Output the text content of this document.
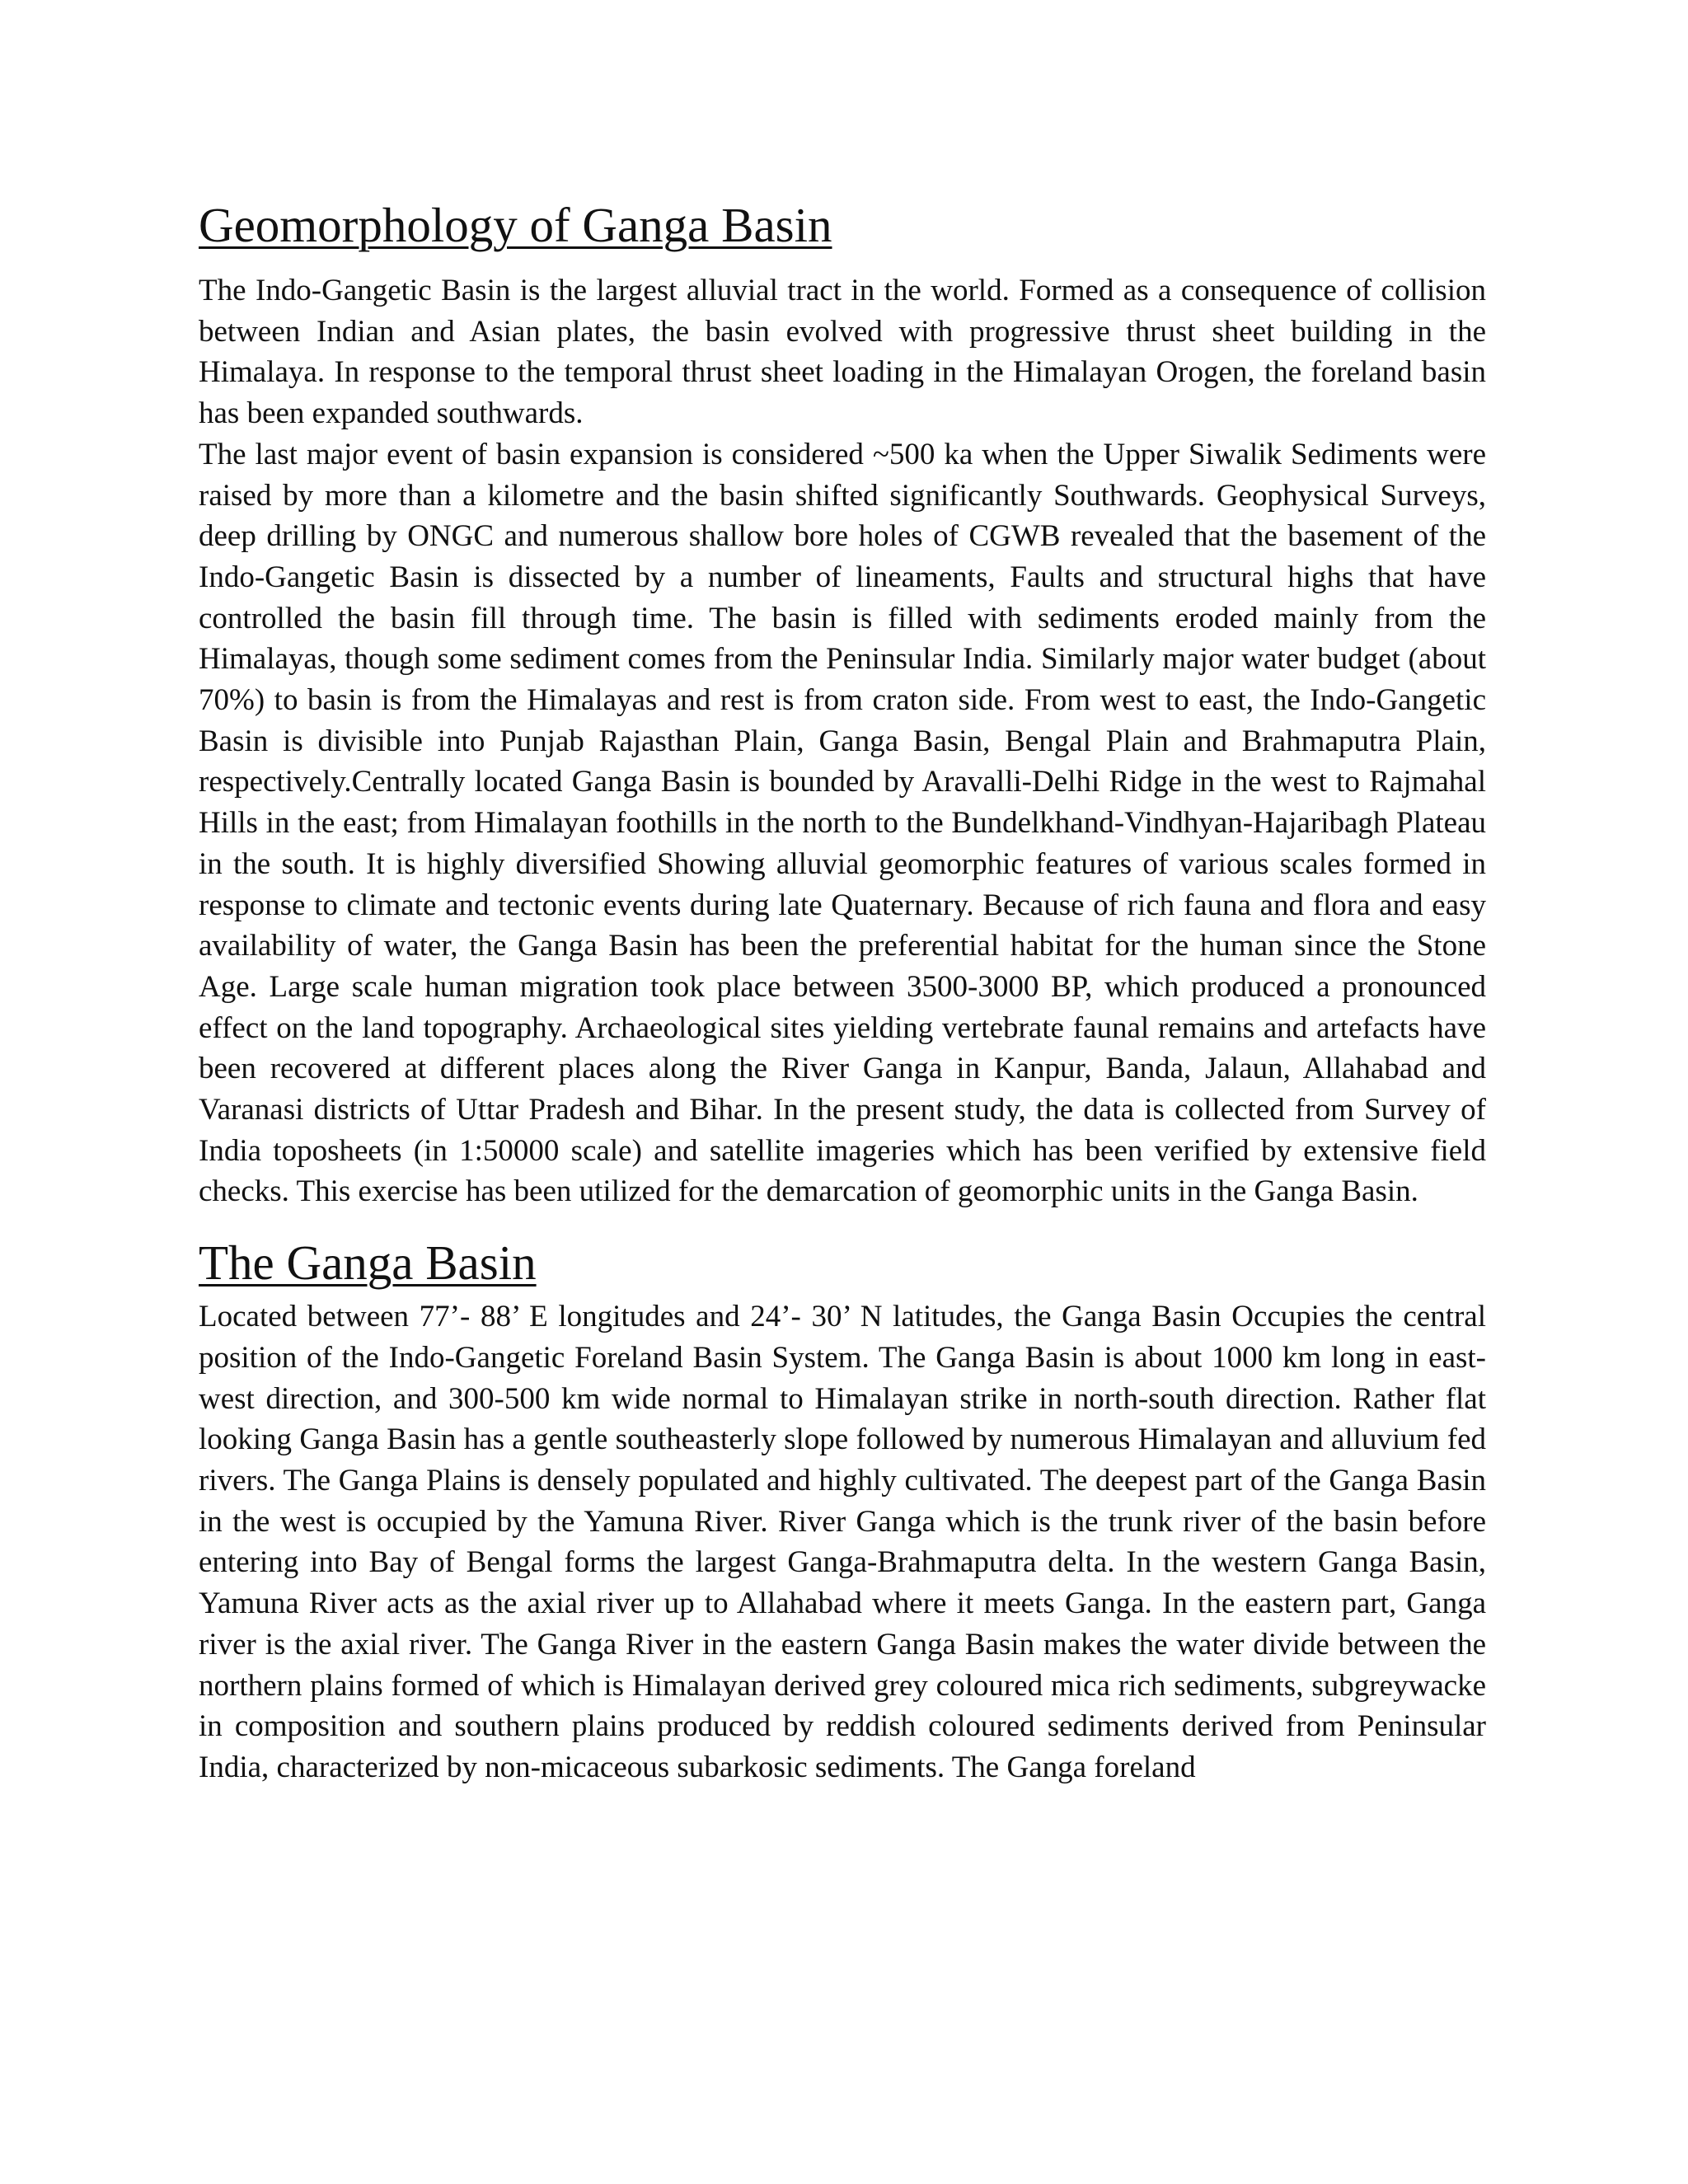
Geomorphology of Ganga Basin

The Indo-Gangetic Basin is the largest alluvial tract in the world. Formed as a consequence of collision between Indian and Asian plates, the basin evolved with progressive thrust sheet building in the Himalaya. In response to the temporal thrust sheet loading in the Himalayan Orogen, the foreland basin has been expanded southwards.

The last major event of basin expansion is considered ~500 ka when the Upper Siwalik Sediments were raised by more than a kilometre and the basin shifted significantly Southwards. Geophysical Surveys, deep drilling by ONGC and numerous shallow bore holes of CGWB revealed that the basement of the Indo-Gangetic Basin is dissected by a number of lineaments, Faults and structural highs that have controlled the basin fill through time. The basin is filled with sediments eroded mainly from the Himalayas, though some sediment comes from the Peninsular India. Similarly major water budget (about 70%) to basin is from the Himalayas and rest is from craton side. From west to east, the Indo-Gangetic Basin is divisible into Punjab Rajasthan Plain, Ganga Basin, Bengal Plain and Brahmaputra Plain, respectively.Centrally located Ganga Basin is bounded by Aravalli-Delhi Ridge in the west to Rajmahal Hills in the east; from Himalayan foothills in the north to the Bundelkhand-Vindhyan-Hajaribagh Plateau in the south. It is highly diversified Showing alluvial geomorphic features of various scales formed in response to climate and tectonic events during late Quaternary. Because of rich fauna and flora and easy availability of water, the Ganga Basin has been the preferential habitat for the human since the Stone Age. Large scale human migration took place between 3500-3000 BP, which produced a pronounced effect on the land topography. Archaeological sites yielding vertebrate faunal remains and artefacts have been recovered at different places along the River Ganga in Kanpur, Banda, Jalaun, Allahabad and Varanasi districts of Uttar Pradesh and Bihar. In the present study, the data is collected from Survey of India toposheets (in 1:50000 scale) and satellite imageries which has been verified by extensive field checks. This exercise has been utilized for the demarcation of geomorphic units in the Ganga Basin.

The Ganga Basin

Located between 77’- 88’ E longitudes and 24’- 30’ N latitudes, the Ganga Basin Occupies the central position of the Indo-Gangetic Foreland Basin System. The Ganga Basin is about 1000 km long in east-west direction, and 300-500 km wide normal to Himalayan strike in north-south direction. Rather flat looking Ganga Basin has a gentle southeasterly slope followed by numerous Himalayan and alluvium fed rivers. The Ganga Plains is densely populated and highly cultivated. The deepest part of the Ganga Basin in the west is occupied by the Yamuna River. River Ganga which is the trunk river of the basin before entering into Bay of Bengal forms the largest Ganga-Brahmaputra delta. In the western Ganga Basin, Yamuna River acts as the axial river up to Allahabad where it meets Ganga. In the eastern part, Ganga river is the axial river. The Ganga River in the eastern Ganga Basin makes the water divide between the northern plains formed of which is Himalayan derived grey coloured mica rich sediments, subgreywacke in composition and southern plains produced by reddish coloured sediments derived from Peninsular India, characterized by non-micaceous subarkosic sediments. The Ganga foreland
